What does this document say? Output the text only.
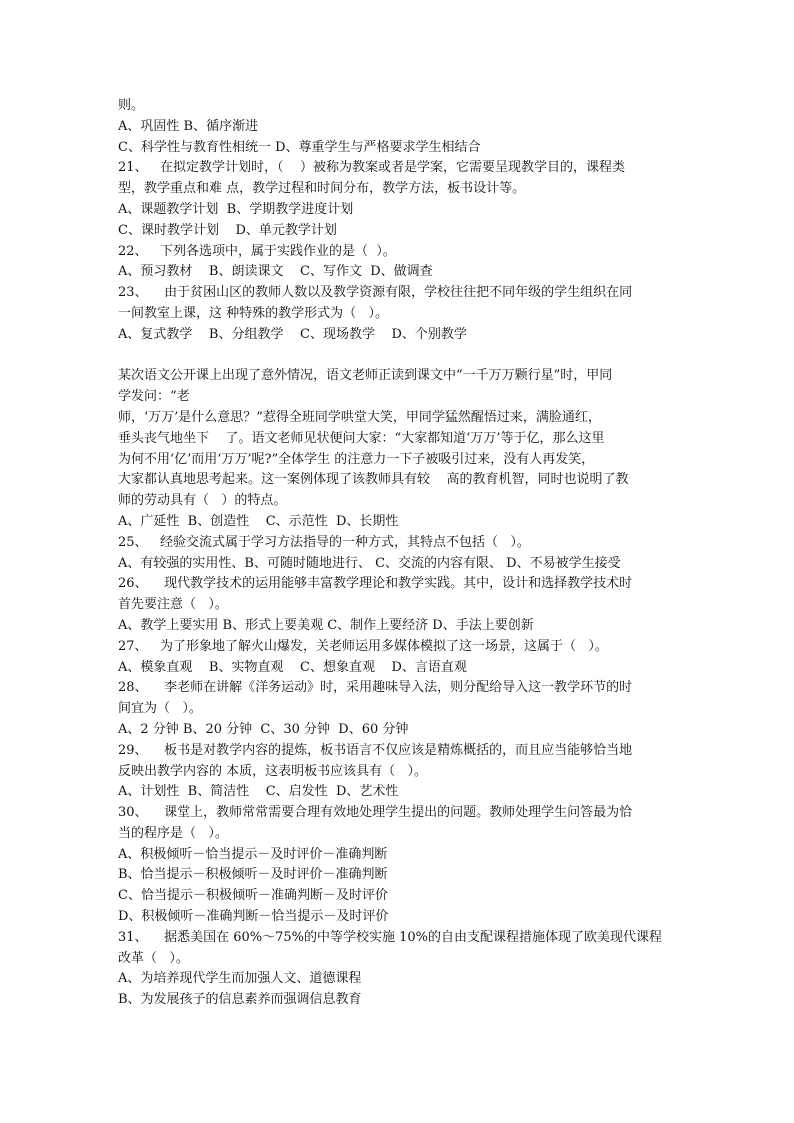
则。
A、巩固性 B、循序渐进
C、科学性与教育性相统一 D、尊重学生与严格要求学生相结合
21、   在拟定教学计划时，（    ）被称为教案或者是学案，它需要呈现教学目的，课程类
型，教学重点和难 点，教学过程和时间分布，教学方法，板书设计等。
A、课题教学计划  B、学期教学进度计划
C、课时教学计划    D、单元教学计划
22、   下列各选项中，属于实践作业的是（  ）。
A、预习教材    B、朗读课文    C、写作文  D、做调查
23、    由于贫困山区的教师人数以及教学资源有限，学校往往把不同年级的学生组织在同
一间教室上课，这 种特殊的教学形式为（   ）。
A、复式教学    B、分组教学    C、现场教学    D、个别教学
某次语文公开课上出现了意外情况，语文老师正读到课文中“一千万万颗行星”时，甲同
学发问：“老
师，‘万万’是什么意思？”惹得全班同学哄堂大笑，甲同学猛然醒悟过来，满脸通红，
垂头丧气地坐下    了。语文老师见状便问大家：“大家都知道‘万万’等于亿，那么这里
为何不用‘亿’而用‘万万’呢?”全体学生 的注意力一下子被吸引过来，没有人再发笑，
大家都认真地思考起来。这一案例体现了该教师具有较    高的教育机智，同时也说明了教
师的劳动具有（   ）的特点。
A、广延性  B、创造性    C、示范性  D、长期性
25、   经验交流式属于学习方法指导的一种方式，其特点不包括（   ）。
A、有较强的实用性、B、可随时随地进行、 C、交流的内容有限、 D、不易被学生接受
26、    现代教学技术的运用能够丰富教学理论和教学实践。其中，设计和选择教学技术时
首先要注意（   ）。
A、教学上要实用 B、形式上要美观 C、制作上要经济 D、手法上要创新
27、   为了形象地了解火山爆发，关老师运用多媒体模拟了这一场景，这属于（   ）。
A、模象直观    B、实物直观    C、想象直观    D、言语直观
28、    李老师在讲解《洋务运动》时，采用趣味导入法，则分配给导入这一教学环节的时
间宜为（   ）。
A、2 分钟 B、20 分钟  C、30 分钟  D、60 分钟
29、    板书是对教学内容的提炼，板书语言不仅应该是精炼概括的，而且应当能够恰当地
反映出教学内容的 本质，这表明板书应该具有（   ）。
A、计划性  B、简洁性    C、启发性  D、艺术性
30、    课堂上，教师常常需要合理有效地处理学生提出的问题。教师处理学生问答最为恰
当的程序是（   ）。
A、积极倾听－恰当提示－及时评价－准确判断
B、恰当提示－积极倾听－及时评价－准确判断
C、恰当提示－积极倾听－准确判断－及时评价
D、积极倾听－准确判断－恰当提示－及时评价
31、    据悉美国在 60%～75%的中等学校实施 10%的自由支配课程措施体现了欧美现代课程
改革（   ）。
A、为培养现代学生而加强人文、道德课程
B、为发展孩子的信息素养而强调信息教育
